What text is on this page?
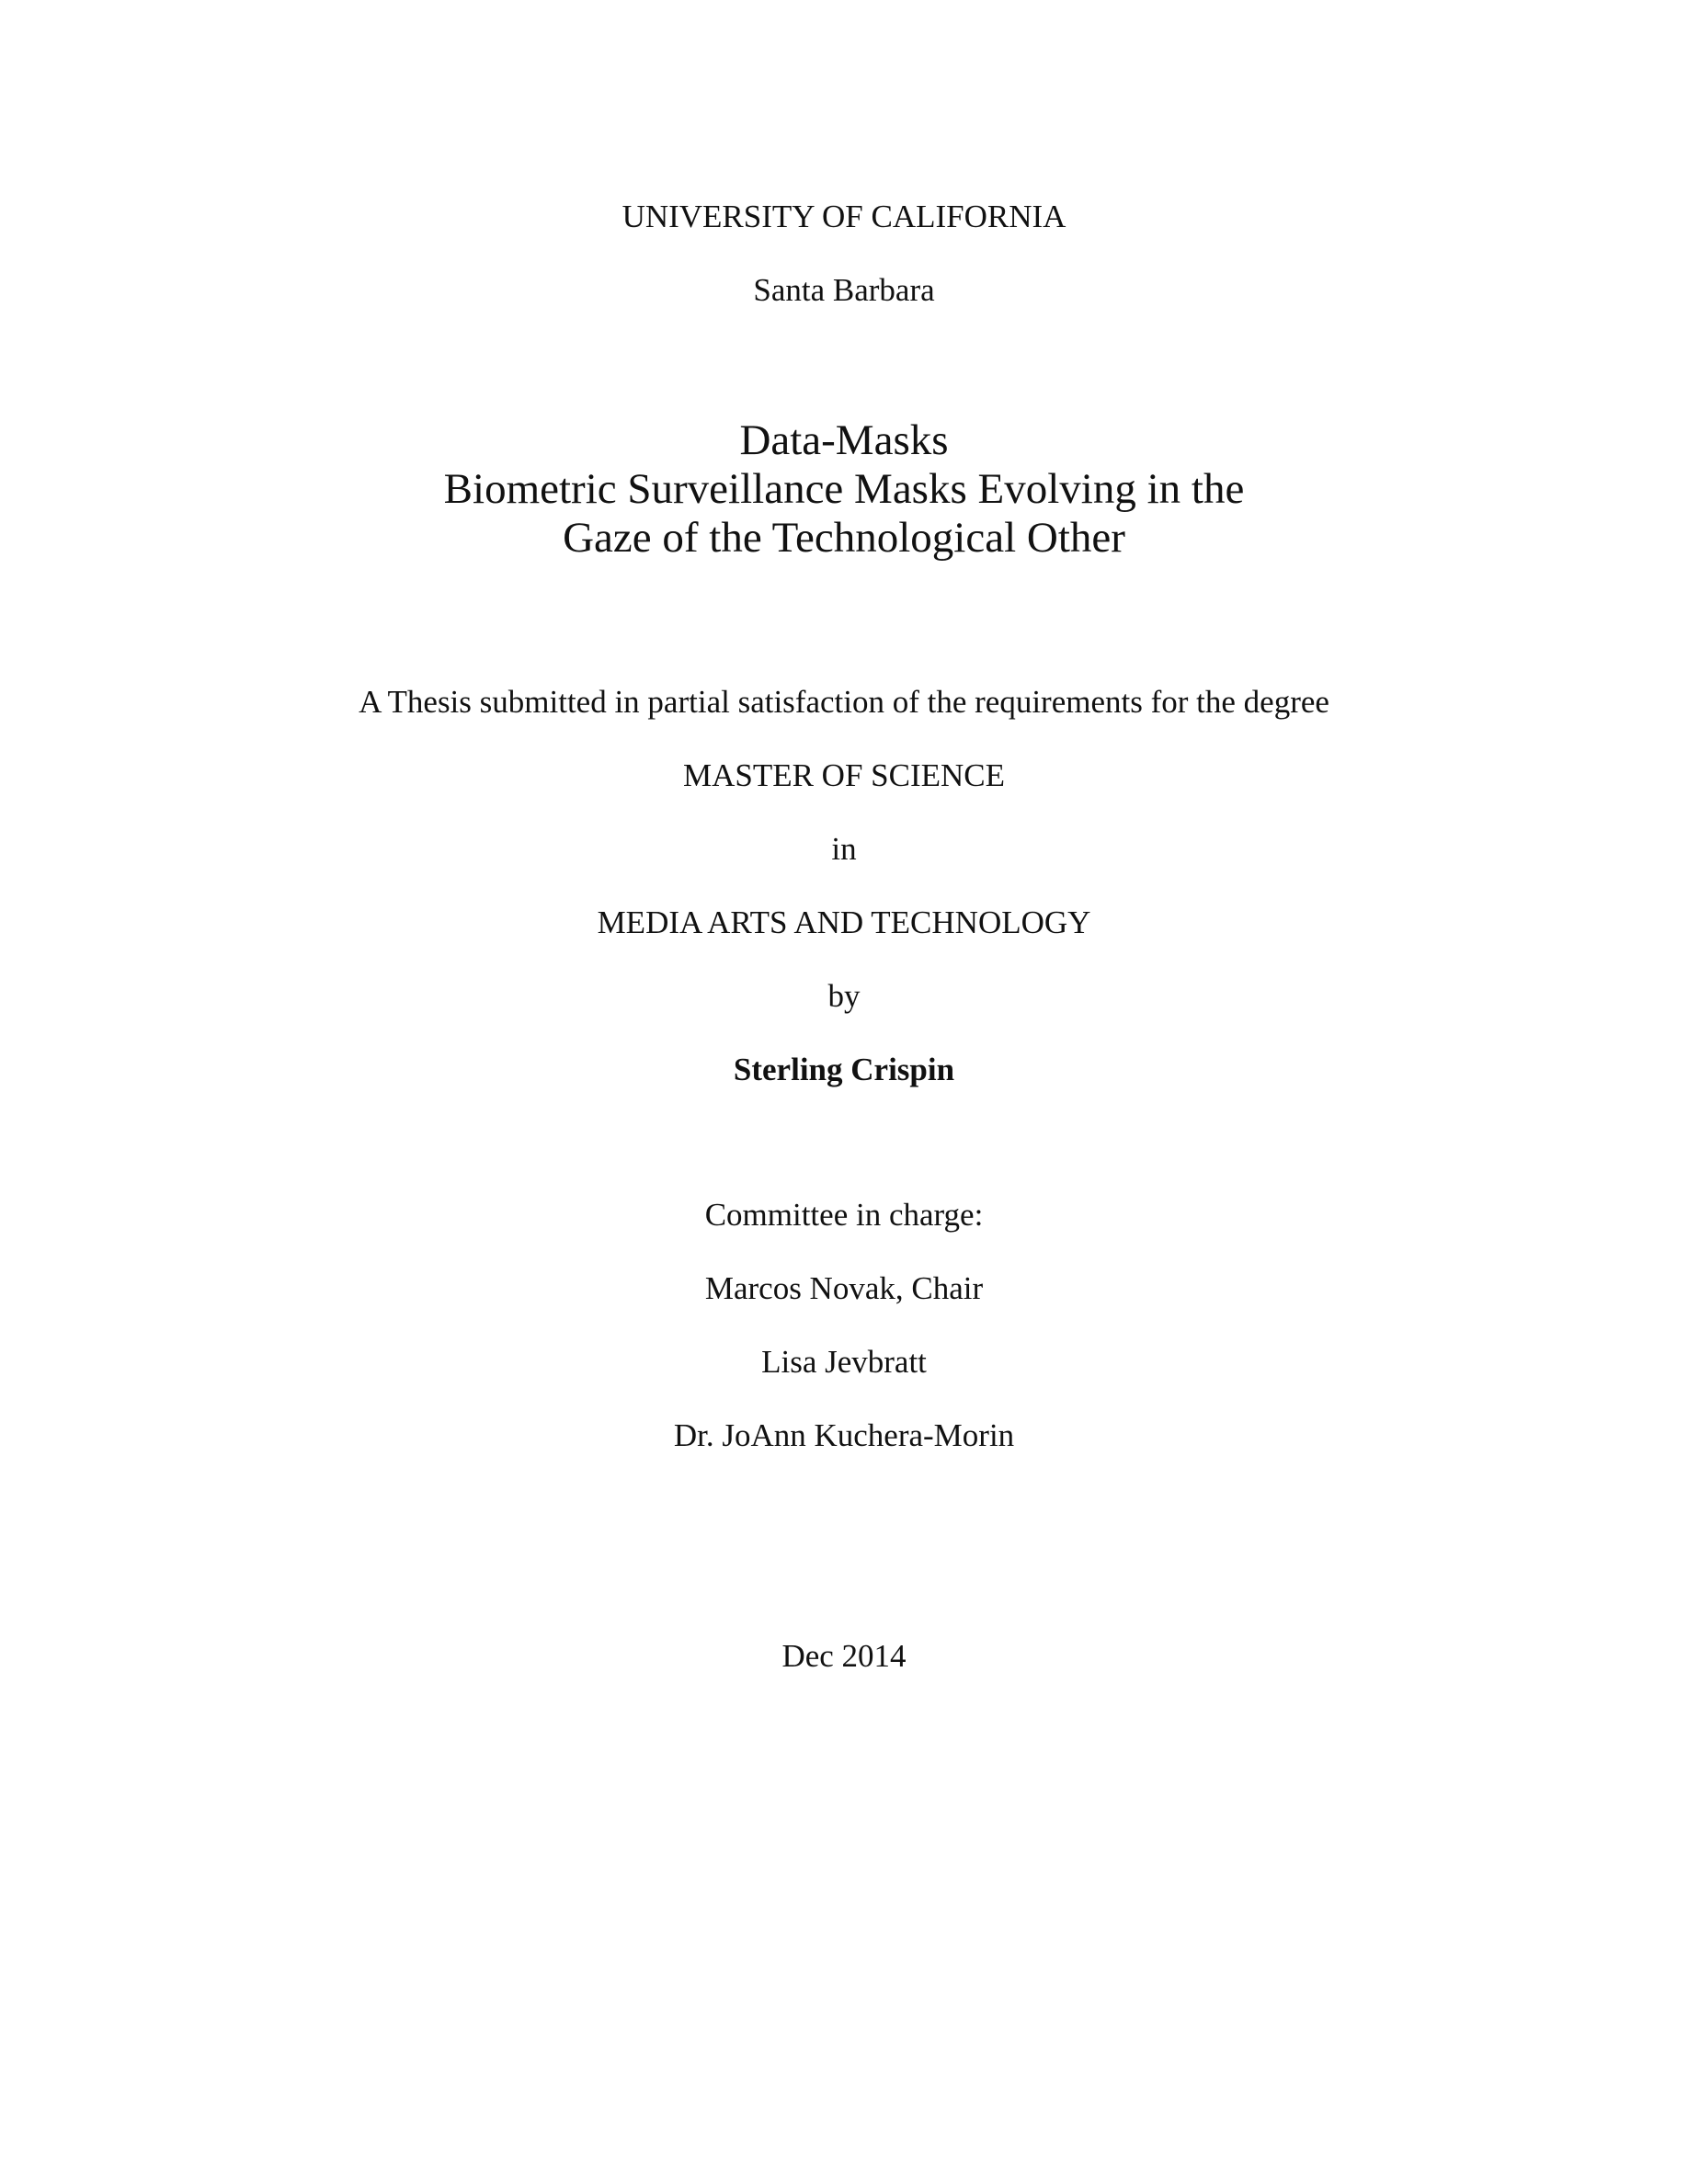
UNIVERSITY OF CALIFORNIA
Santa Barbara
Data-Masks
Biometric Surveillance Masks Evolving in the
Gaze of the Technological Other
A Thesis submitted in partial satisfaction of the requirements for the degree
MASTER OF SCIENCE
in
MEDIA ARTS AND TECHNOLOGY
by
Sterling Crispin
Committee in charge:
Marcos Novak, Chair
Lisa Jevbratt
Dr. JoAnn Kuchera-Morin
Dec 2014
